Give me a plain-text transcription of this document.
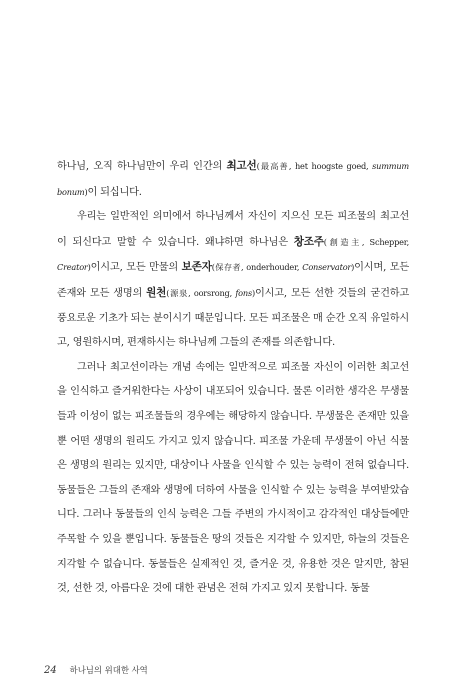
하나님, 오직 하나님만이 우리 인간의 최고선(最高善, het hoogste goed, summum bonum)이 되십니다.

우리는 일반적인 의미에서 하나님께서 자신이 지으신 모든 피조물의 최고선이 되신다고 말할 수 있습니다. 왜냐하면 하나님은 창조주(創造主, Schepper, Creator)이시고, 모든 만물의 보존자(保存者, onderhouder, Conservator)이시며, 모든 존재와 모든 생명의 원천(源泉, oorsrong, fons)이시고, 모든 선한 것들의 굳건하고 풍요로운 기초가 되는 분이시기 때문입니다. 모든 피조물은 매 순간 오직 유일하시고, 영원하시며, 편재하시는 하나님께 그들의 존재를 의존합니다.

그러나 최고선이라는 개념 속에는 일반적으로 피조물 자신이 이러한 최고선을 인식하고 즐거워한다는 사상이 내포되어 있습니다. 물론 이러한 생각은 무생물들과 이성이 없는 피조물들의 경우에는 해당하지 않습니다. 무생물은 존재만 있을 뿐 어떤 생명의 원리도 가지고 있지 않습니다. 피조물 가운데 무생물이 아닌 식물은 생명의 원리는 있지만, 대상이나 사물을 인식할 수 있는 능력이 전혀 없습니다. 동물들은 그들의 존재와 생명에 더하여 사물을 인식할 수 있는 능력을 부여받았습니다. 그러나 동물들의 인식 능력은 그들 주변의 가시적이고 감각적인 대상들에만 주목할 수 있을 뿐입니다. 동물들은 땅의 것들은 지각할 수 있지만, 하늘의 것들은 지각할 수 없습니다. 동물들은 실제적인 것, 즐거운 것, 유용한 것은 알지만, 참된 것, 선한 것, 아름다운 것에 대한 관념은 전혀 가지고 있지 못합니다. 동물

24 하나님의 위대한 사역
